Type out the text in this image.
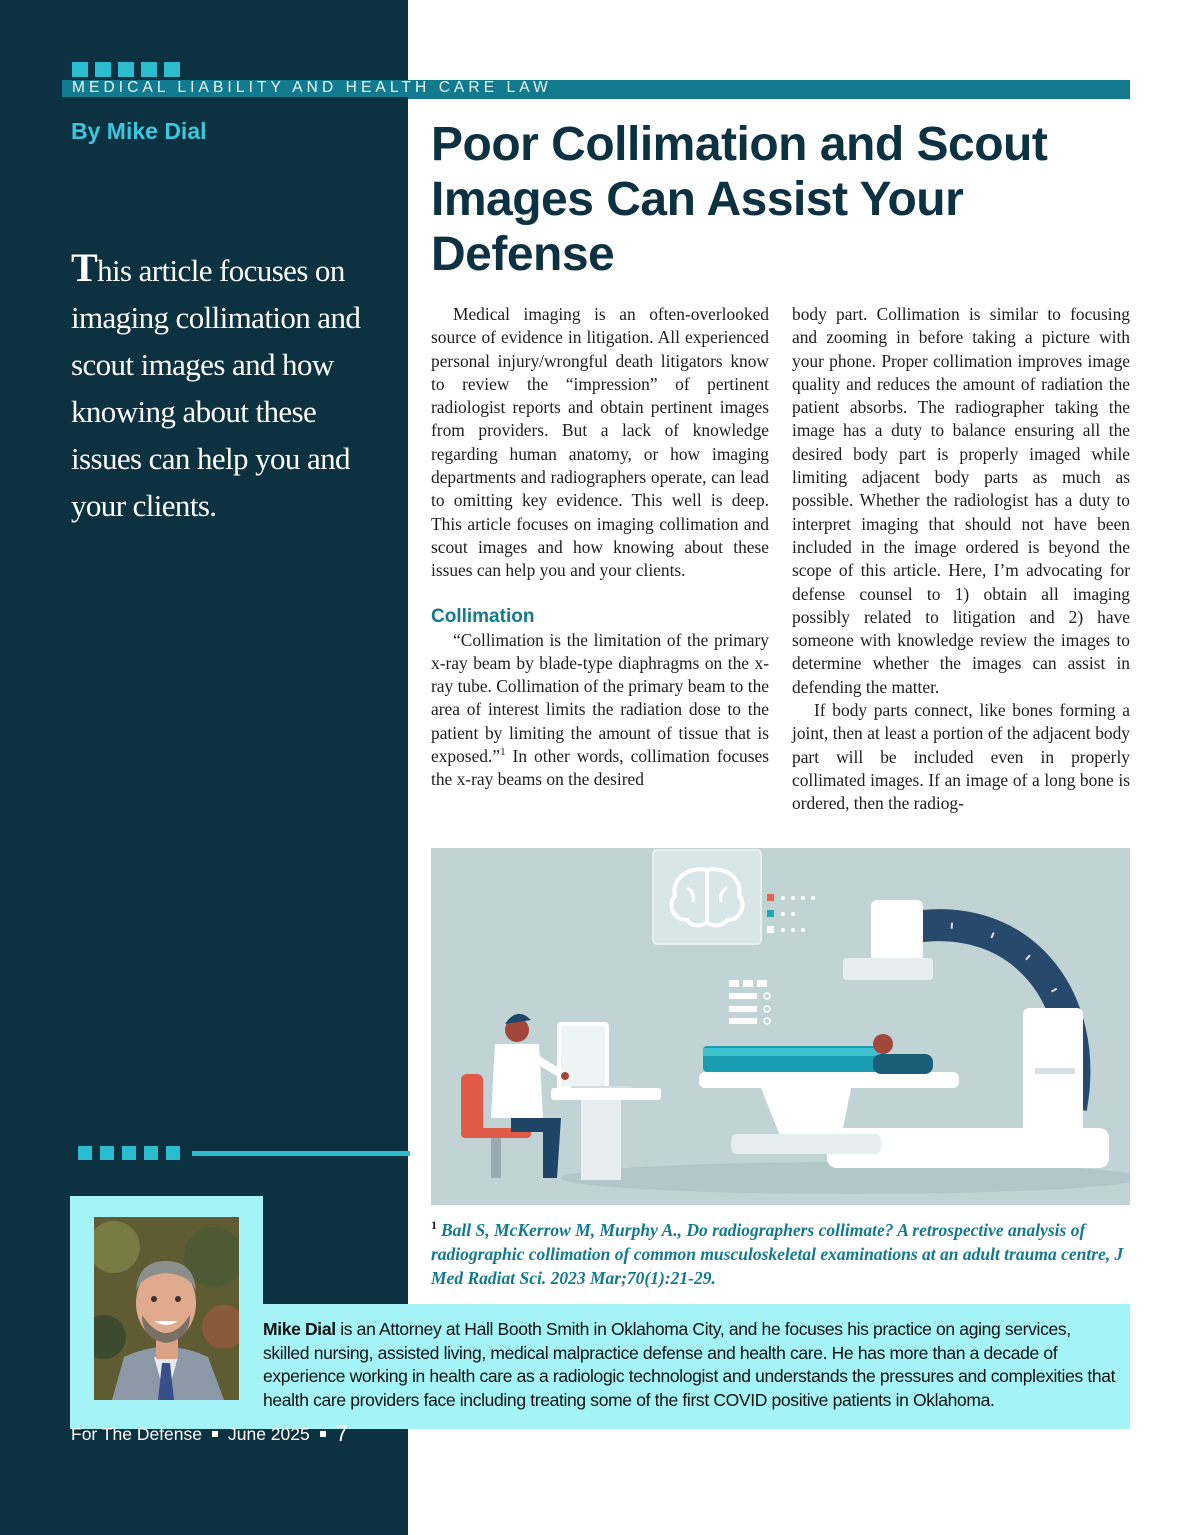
MEDICAL LIABILITY AND HEALTH CARE LAW
By Mike Dial
This article focuses on imaging collimation and scout images and how knowing about these issues can help you and your clients.
Poor Collimation and Scout Images Can Assist Your Defense

Medical imaging is an often-overlooked source of evidence in litigation. All experienced personal injury/wrongful death litigators know to review the “impression” of pertinent radiologist reports and obtain pertinent images from providers. But a lack of knowledge regarding human anatomy, or how imaging departments and radiographers operate, can lead to omitting key evidence. This well is deep. This article focuses on imaging collimation and scout images and how knowing about these issues can help you and your clients.

Collimation

“Collimation is the limitation of the primary x-ray beam by blade-type diaphragms on the x-ray tube. Collimation of the primary beam to the area of interest limits the radiation dose to the patient by limiting the amount of tissue that is exposed.”$^1$ In other words, collimation focuses the x-ray beams on the desired

body part. Collimation is similar to focusing and zooming in before taking a picture with your phone. Proper collimation improves image quality and reduces the amount of radiation the patient absorbs. The radiographer taking the image has a duty to balance ensuring all the desired body part is properly imaged while limiting adjacent body parts as much as possible. Whether the radiologist has a duty to interpret imaging that should not have been included in the image ordered is beyond the scope of this article. Here, I’m advocating for defense counsel to 1) obtain all imaging possibly related to litigation and 2) have someone with knowledge review the images to determine whether the images can assist in defending the matter.

If body parts connect, like bones forming a joint, then at least a portion of the adjacent body part will be included even in properly collimated images. If an image of a long bone is ordered, then the radiog-

$^1$ Ball S, McKerrow M, Murphy A., Do radiographers collimate? A retrospective analysis of radiographic collimation of common musculoskeletal examinations at an adult trauma centre, J Med Radiat Sci. 2023 Mar;70(1):21-29.
Mike Dial is an Attorney at Hall Booth Smith in Oklahoma City, and he focuses his practice on aging services, skilled nursing, assisted living, medical malpractice defense and health care. He has more than a decade of experience working in health care as a radiologic technologist and understands the pressures and complexities that health care providers face including treating some of the first COVID positive patients in Oklahoma.
For The Defense June 2025 7
